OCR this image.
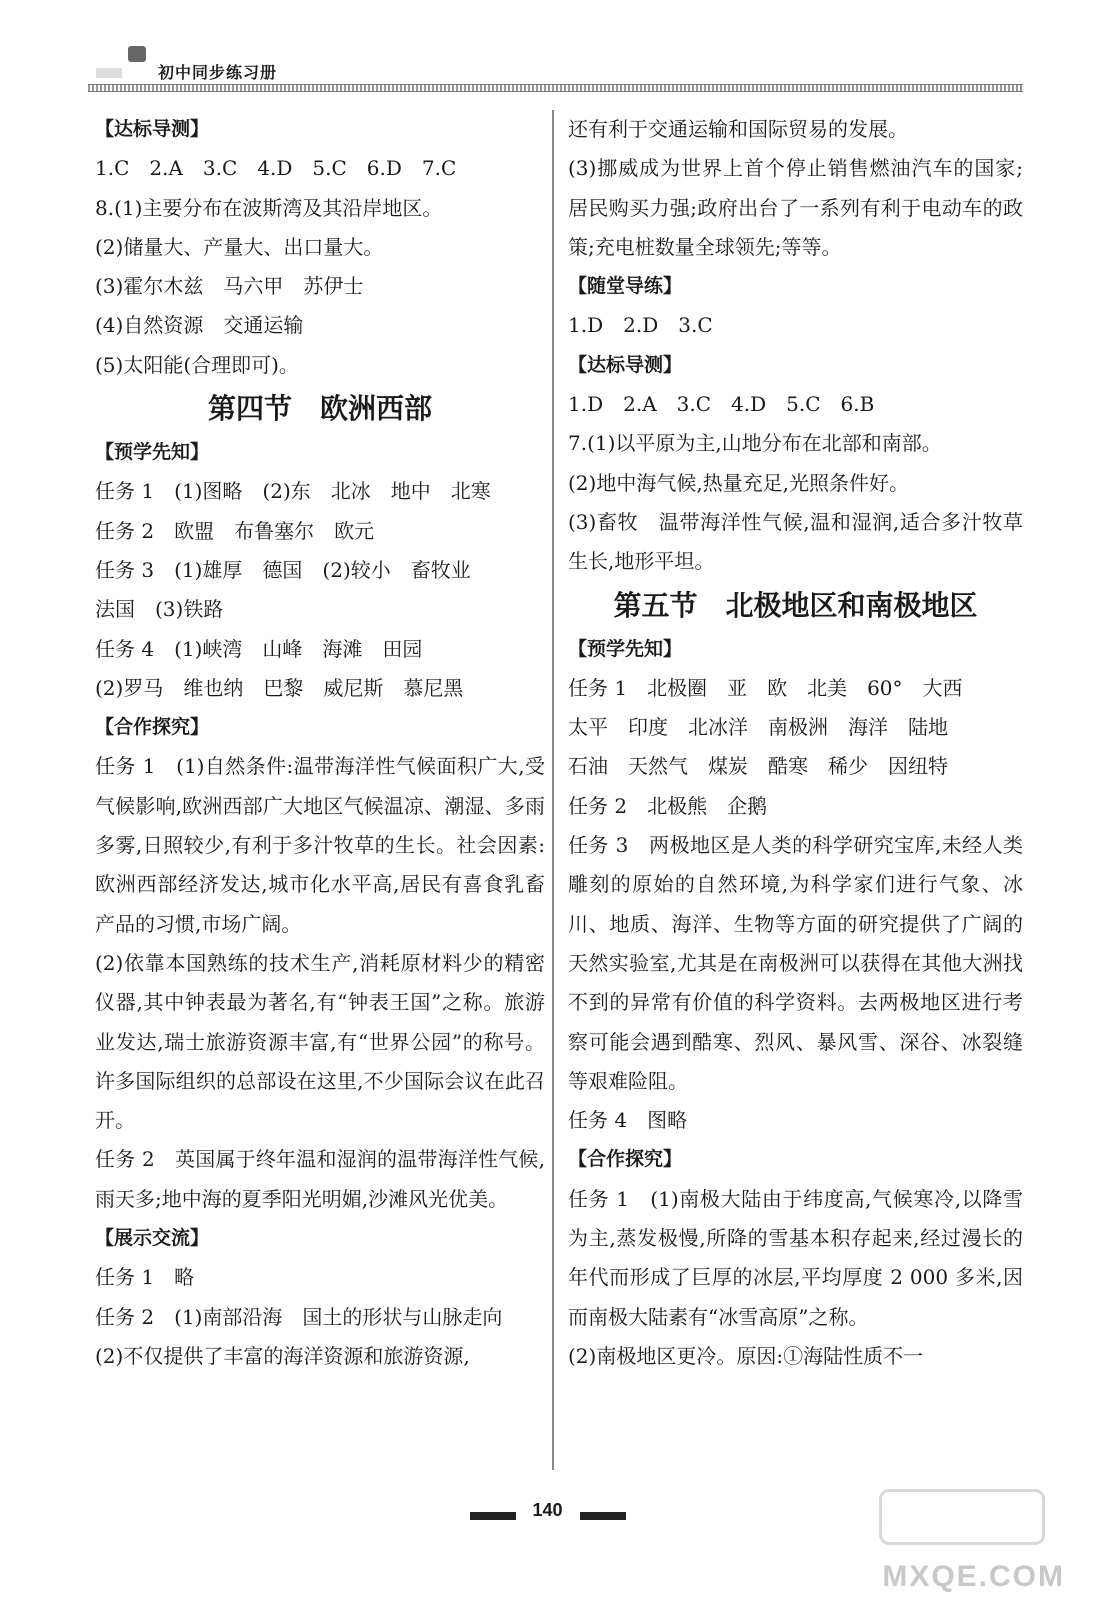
初中同步练习册
【达标导测】
1.C　2.A　3.C　4.D　5.C　6.D　7.C
8.(1)主要分布在波斯湾及其沿岸地区。
(2)储量大、产量大、出口量大。
(3)霍尔木兹　马六甲　苏伊士
(4)自然资源　交通运输
(5)太阳能(合理即可)。
第四节　欧洲西部
【预学先知】
任务 1　(1)图略　(2)东　北冰　地中　北寒
任务 2　欧盟　布鲁塞尔　欧元
任务 3　(1)雄厚　德国　(2)较小　畜牧业
法国　(3)铁路
任务 4　(1)峡湾　山峰　海滩　田园
(2)罗马　维也纳　巴黎　威尼斯　慕尼黑
【合作探究】
任务 1　(1)自然条件:温带海洋性气候面积广大,受气候影响,欧洲西部广大地区气候温凉、潮湿、多雨多雾,日照较少,有利于多汁牧草的生长。社会因素:欧洲西部经济发达,城市化水平高,居民有喜食乳畜产品的习惯,市场广阔。
(2)依靠本国熟练的技术生产,消耗原材料少的精密仪器,其中钟表最为著名,有“钟表王国”之称。旅游业发达,瑞士旅游资源丰富,有“世界公园”的称号。许多国际组织的总部设在这里,不少国际会议在此召开。
任务 2　英国属于终年温和湿润的温带海洋性气候,雨天多;地中海的夏季阳光明媚,沙滩风光优美。
【展示交流】
任务 1　略
任务 2　(1)南部沿海　国土的形状与山脉走向
(2)不仅提供了丰富的海洋资源和旅游资源,
还有利于交通运输和国际贸易的发展。
(3)挪威成为世界上首个停止销售燃油汽车的国家;居民购买力强;政府出台了一系列有利于电动车的政策;充电桩数量全球领先;等等。
【随堂导练】
1.D　2.D　3.C
【达标导测】
1.D　2.A　3.C　4.D　5.C　6.B
7.(1)以平原为主,山地分布在北部和南部。
(2)地中海气候,热量充足,光照条件好。
(3)畜牧　温带海洋性气候,温和湿润,适合多汁牧草生长,地形平坦。
第五节　北极地区和南极地区
【预学先知】
任务 1　北极圈　亚　欧　北美　60°　大西
太平　印度　北冰洋　南极洲　海洋　陆地
石油　天然气　煤炭　酷寒　稀少　因纽特
任务 2　北极熊　企鹅
任务 3　两极地区是人类的科学研究宝库,未经人类雕刻的原始的自然环境,为科学家们进行气象、冰川、地质、海洋、生物等方面的研究提供了广阔的天然实验室,尤其是在南极洲可以获得在其他大洲找不到的异常有价值的科学资料。去两极地区进行考察可能会遇到酷寒、烈风、暴风雪、深谷、冰裂缝等艰难险阻。
任务 4　图略
【合作探究】
任务 1　(1)南极大陆由于纬度高,气候寒冷,以降雪为主,蒸发极慢,所降的雪基本积存起来,经过漫长的年代而形成了巨厚的冰层,平均厚度 2 000 多米,因而南极大陆素有“冰雪高原”之称。
(2)南极地区更冷。原因:①海陆性质不一
140
MXQE.COM
